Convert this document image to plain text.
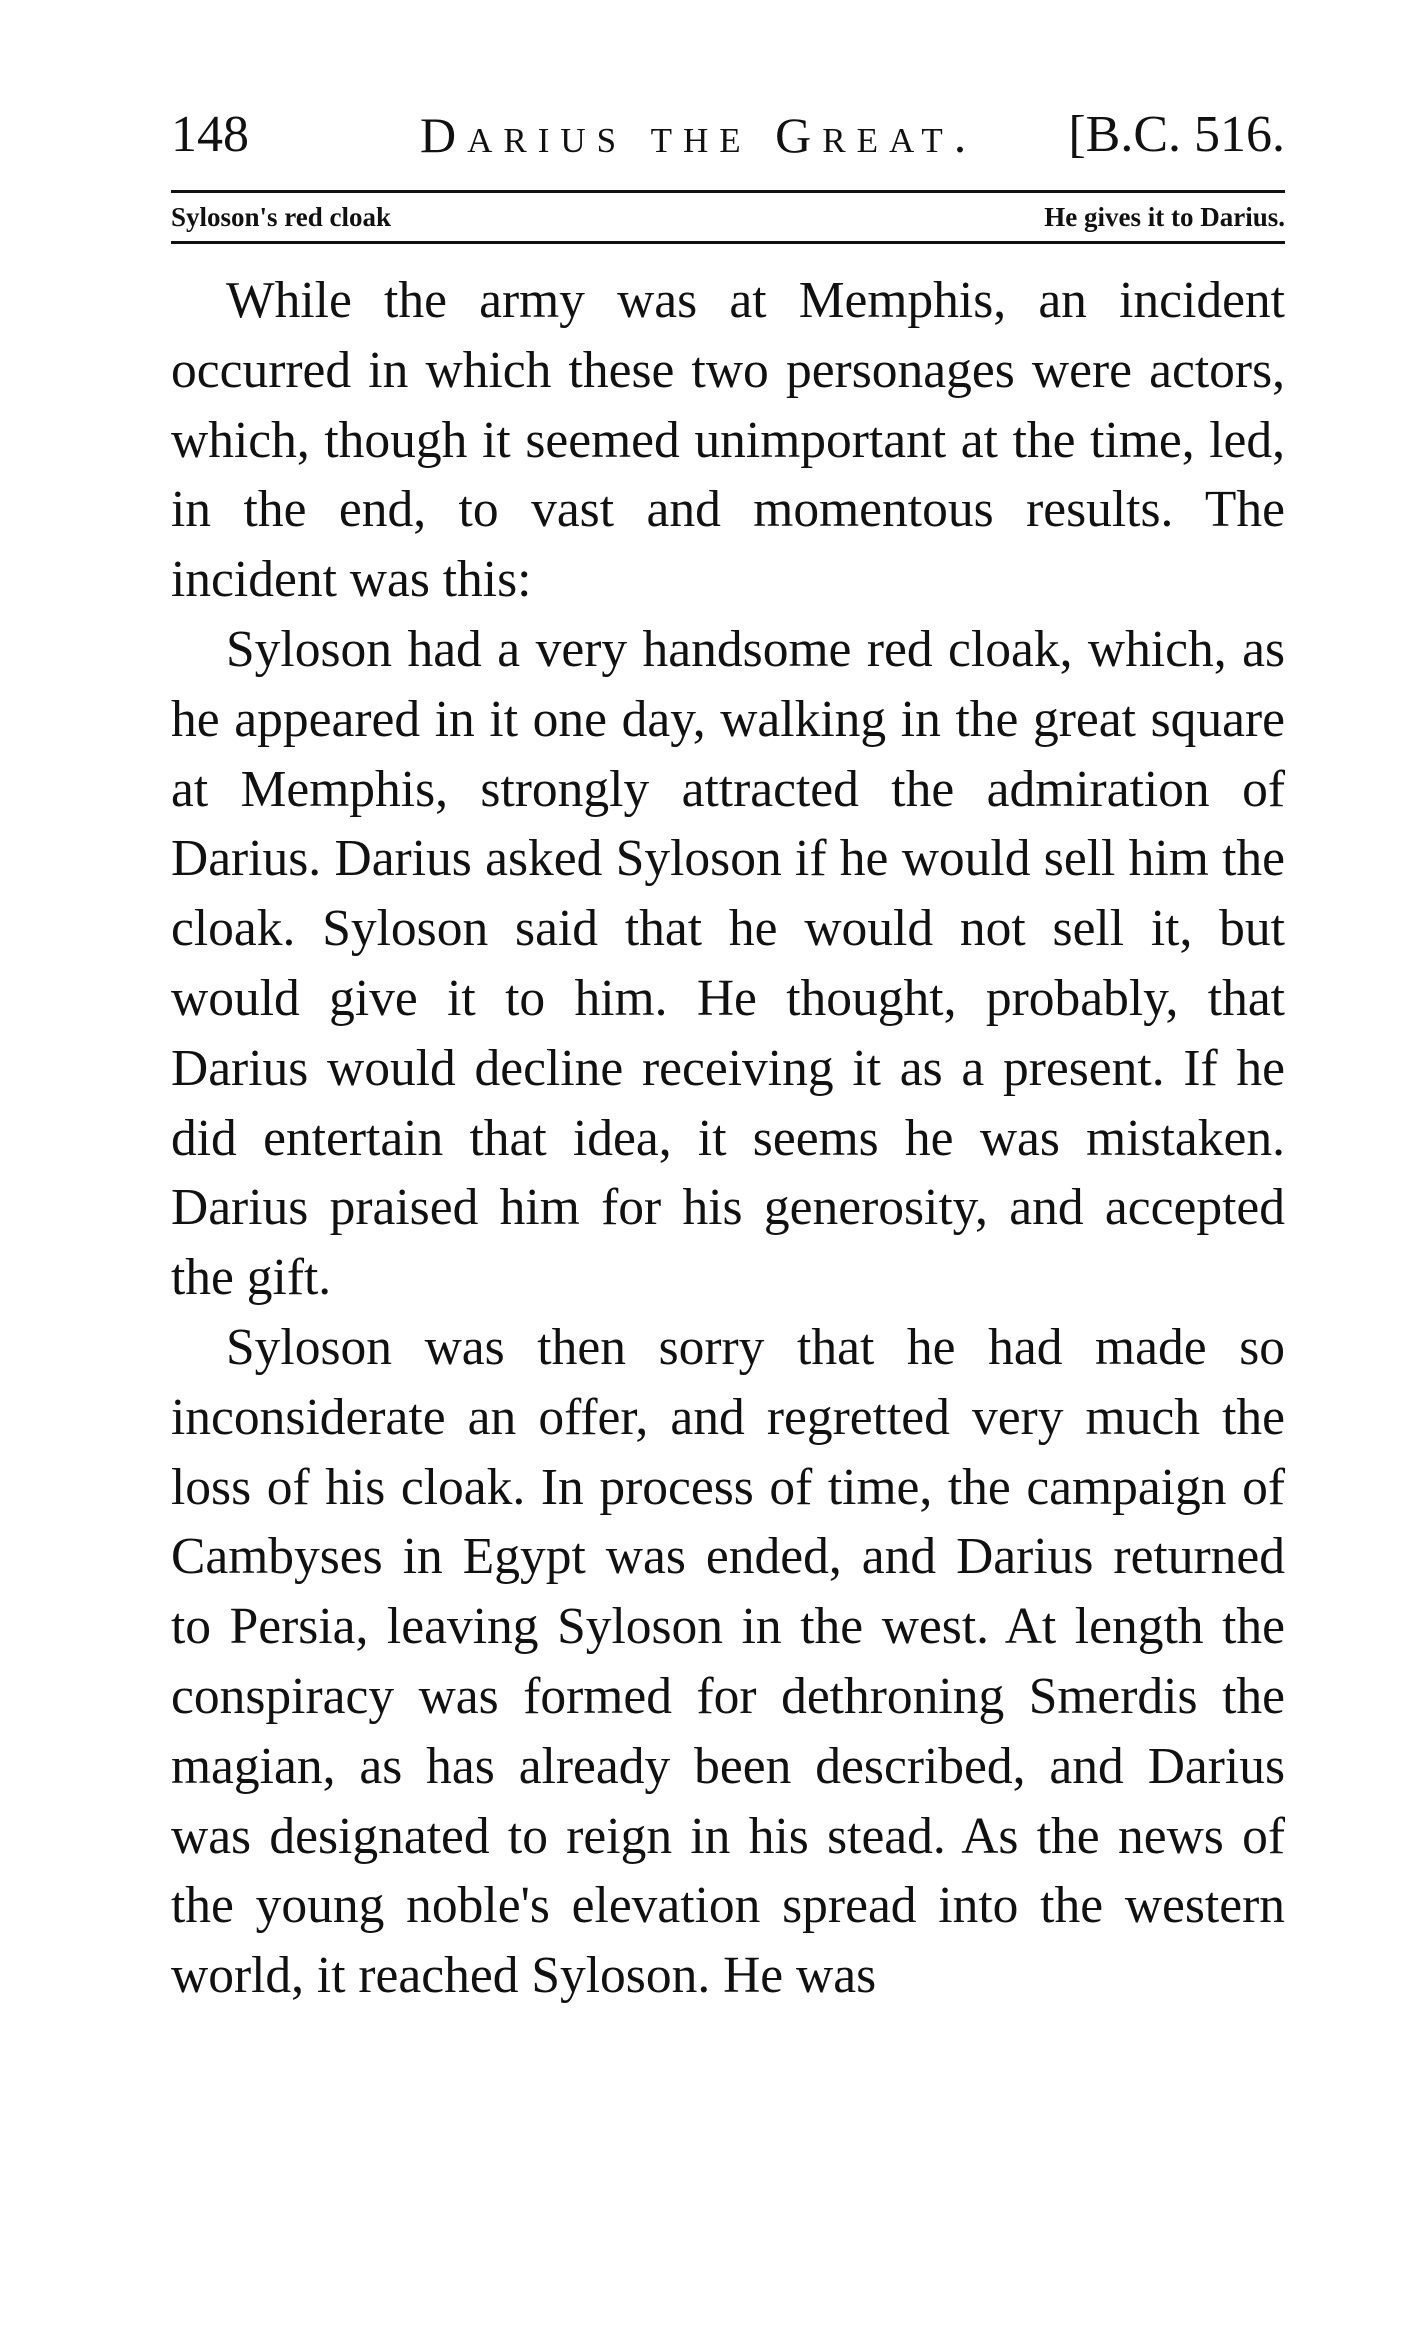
148	Darius the Great. [B.C. 516.
Syloson's red cloak	He gives it to Darius.

While the army was at Memphis, an incident occurred in which these two personages were actors, which, though it seemed unimportant at the time, led, in the end, to vast and momentous results. The incident was this:

Syloson had a very handsome red cloak, which, as he appeared in it one day, walking in the great square at Memphis, strongly attracted the admiration of Darius. Darius asked Syloson if he would sell him the cloak. Syloson said that he would not sell it, but would give it to him. He thought, probably, that Darius would decline receiving it as a present. If he did entertain that idea, it seems he was mistaken. Darius praised him for his generosity, and accepted the gift.

Syloson was then sorry that he had made so inconsiderate an offer, and regretted very much the loss of his cloak. In process of time, the campaign of Cambyses in Egypt was ended, and Darius returned to Persia, leaving Syloson in the west. At length the conspiracy was formed for dethroning Smerdis the magian, as has already been described, and Darius was designated to reign in his stead. As the news of the young noble's elevation spread into the western world, it reached Syloson. He was
